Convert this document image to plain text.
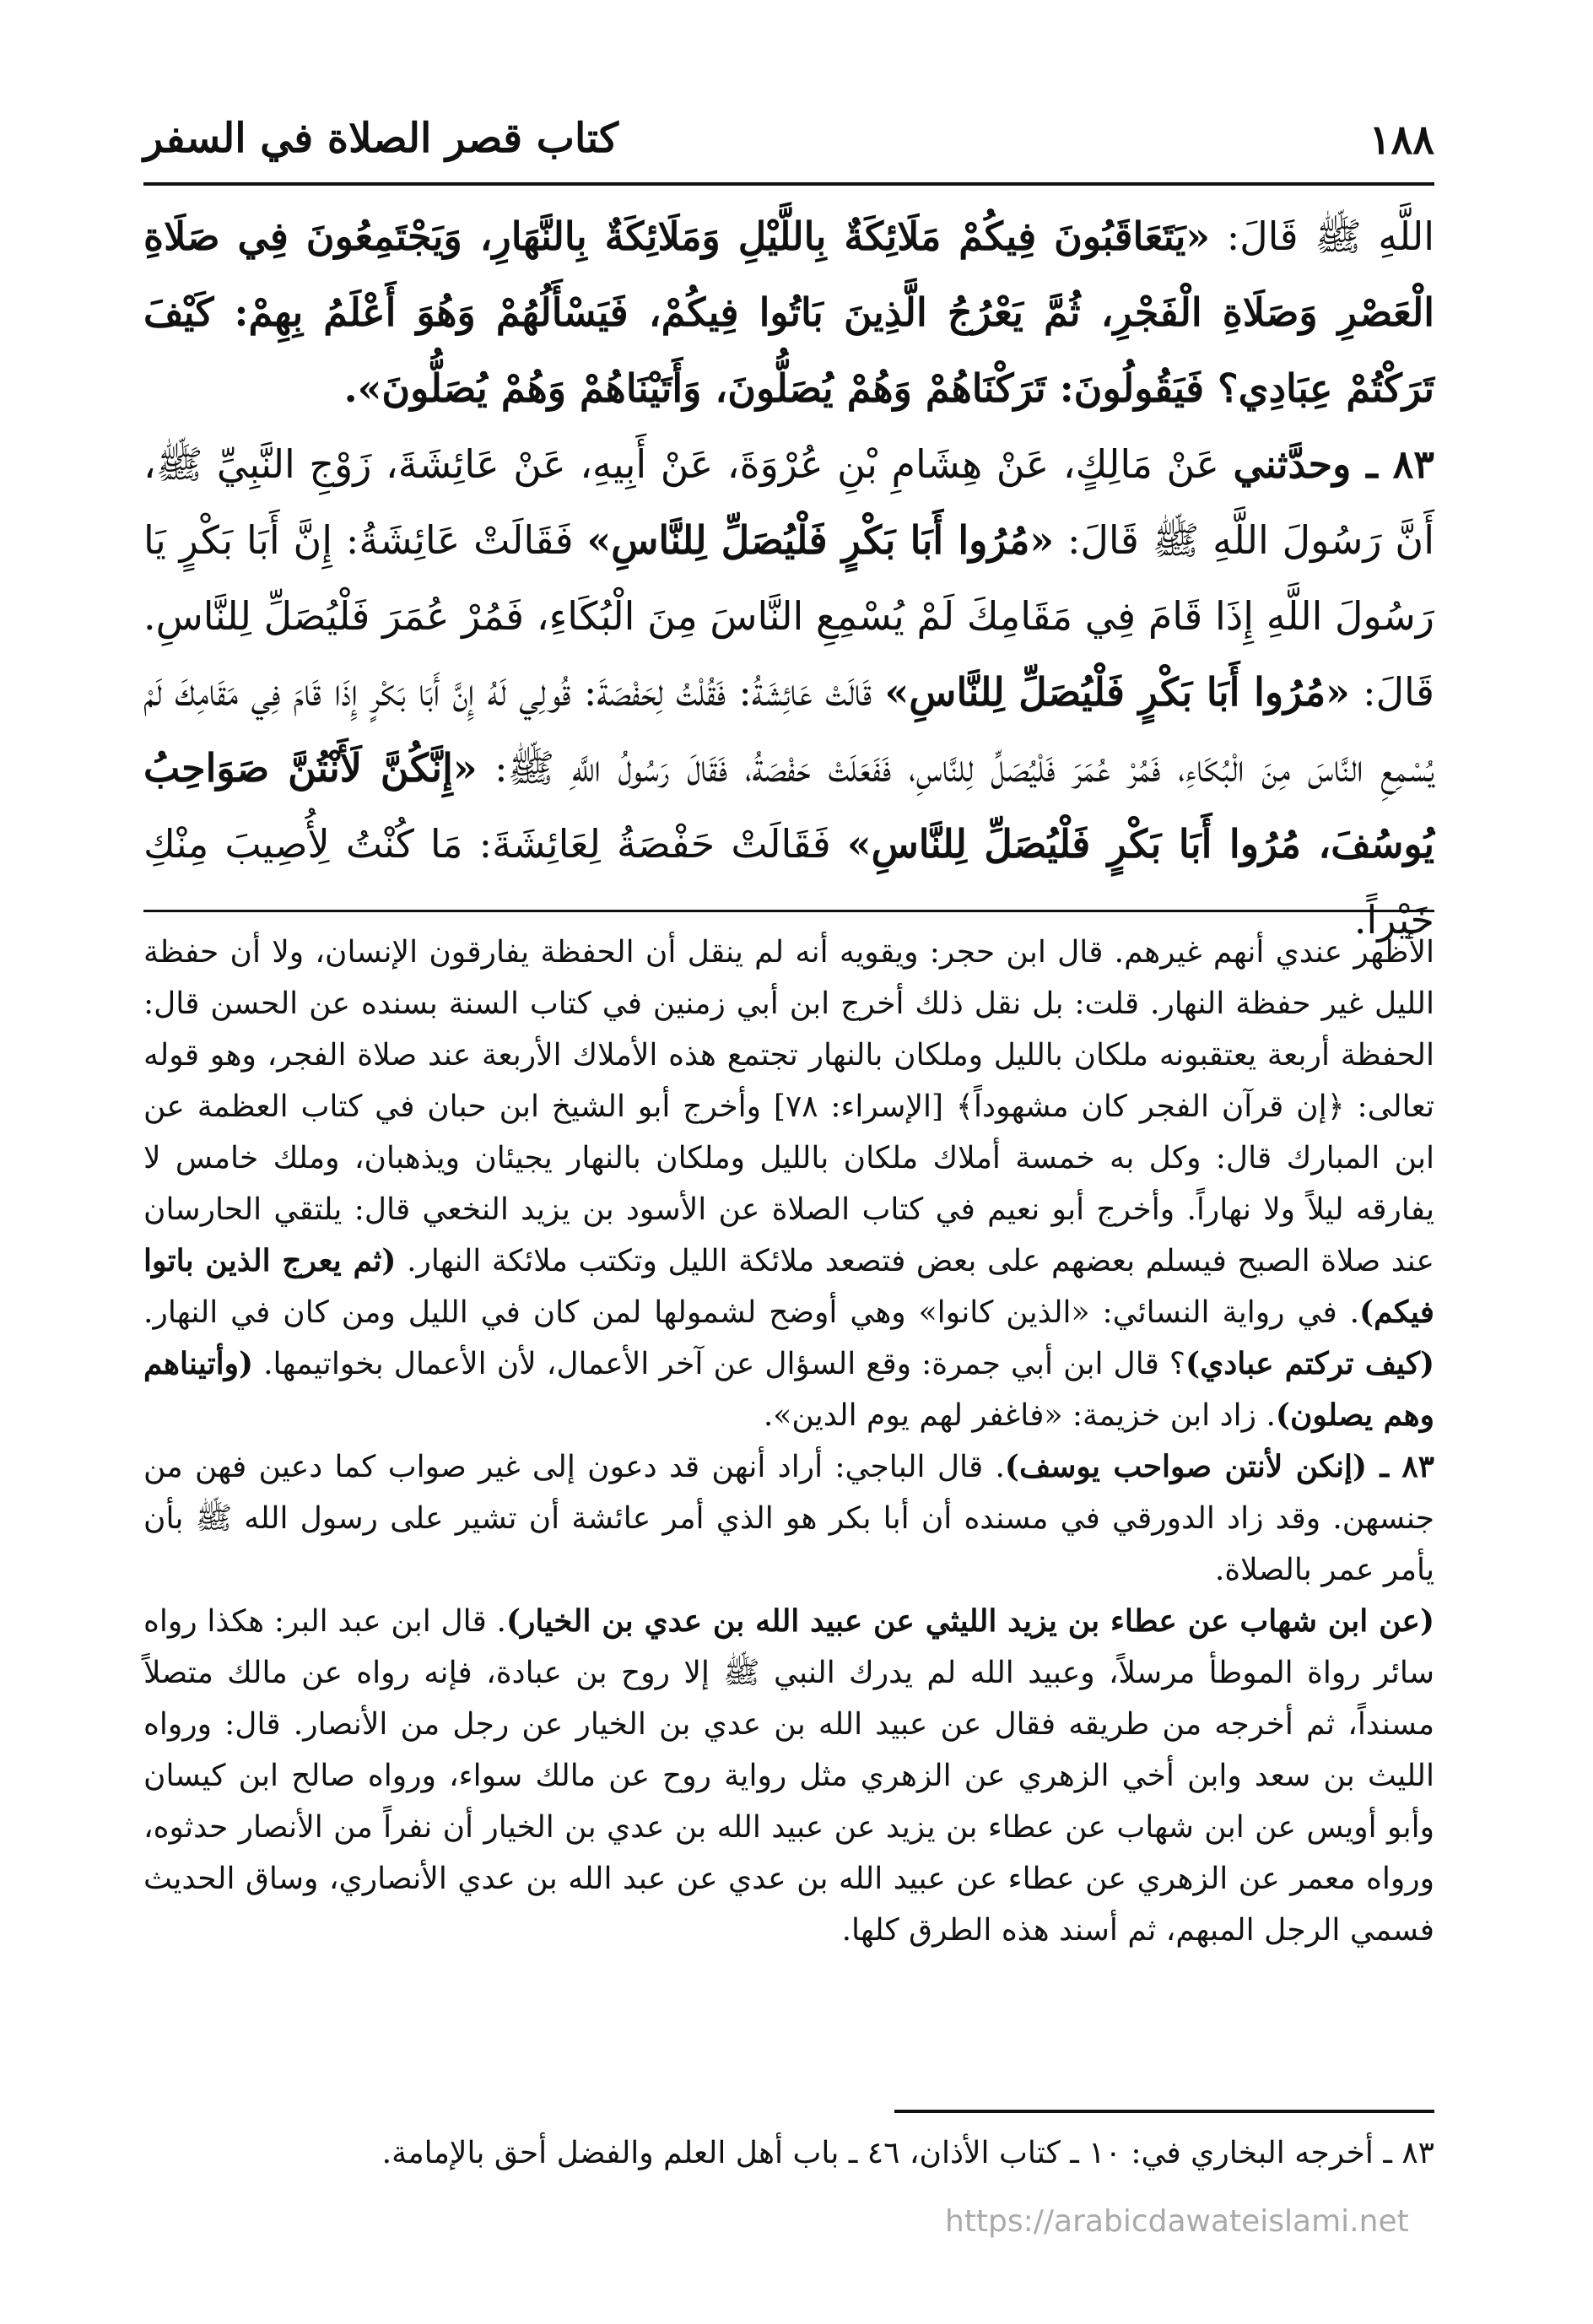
١٨٨
كتاب قصر الصلاة في السفر

اللَّهِ ﷺ قَالَ: «يَتَعَاقَبُونَ فِيكُمْ مَلَائِكَةٌ بِاللَّيْلِ وَمَلَائِكَةٌ بِالنَّهَارِ، وَيَجْتَمِعُونَ فِي صَلَاةِ الْعَصْرِ وَصَلَاةِ الْفَجْرِ، ثُمَّ يَعْرُجُ الَّذِينَ بَاتُوا فِيكُمْ، فَيَسْأَلُهُمْ وَهُوَ أَعْلَمُ بِهِمْ: كَيْفَ تَرَكْتُمْ عِبَادِي؟ فَيَقُولُونَ: تَرَكْنَاهُمْ وَهُمْ يُصَلُّونَ، وَأَتَيْنَاهُمْ وَهُمْ يُصَلُّونَ».

٨٣ ـ وحدَّثني عَنْ مَالِكٍ، عَنْ هِشَامِ بْنِ عُرْوَةَ، عَنْ أَبِيهِ، عَنْ عَائِشَةَ، زَوْجِ النَّبِيِّ ﷺ، أَنَّ رَسُولَ اللَّهِ ﷺ قَالَ: «مُرُوا أَبَا بَكْرٍ فَلْيُصَلِّ لِلنَّاسِ» فَقَالَتْ عَائِشَةُ: إِنَّ أَبَا بَكْرٍ يَا رَسُولَ اللَّهِ إِذَا قَامَ فِي مَقَامِكَ لَمْ يُسْمِعِ النَّاسَ مِنَ الْبُكَاءِ، فَمُرْ عُمَرَ فَلْيُصَلِّ لِلنَّاسِ. قَالَ: «مُرُوا أَبَا بَكْرٍ فَلْيُصَلِّ لِلنَّاسِ» قَالَتْ عَائِشَةُ: فَقُلْتُ لِحَفْصَةَ: قُولِي لَهُ إِنَّ أَبَا بَكْرٍ إِذَا قَامَ فِي مَقَامِكَ لَمْ يُسْمِعِ النَّاسَ مِنَ الْبُكَاءِ، فَمُرْ عُمَرَ فَلْيُصَلِّ لِلنَّاسِ، فَفَعَلَتْ حَفْصَةُ، فَقَالَ رَسُولُ اللَّهِ ﷺ: «إِنَّكُنَّ لَأَنْتُنَّ صَوَاحِبُ يُوسُفَ، مُرُوا أَبَا بَكْرٍ فَلْيُصَلِّ لِلنَّاسِ» فَقَالَتْ حَفْصَةُ لِعَائِشَةَ: مَا كُنْتُ لِأُصِيبَ مِنْكِ خَيْراً.

الأظهر عندي أنهم غيرهم. قال ابن حجر: ويقويه أنه لم ينقل أن الحفظة يفارقون الإنسان، ولا أن حفظة الليل غير حفظة النهار. قلت: بل نقل ذلك أخرج ابن أبي زمنين في كتاب السنة بسنده عن الحسن قال: الحفظة أربعة يعتقبونه ملكان بالليل وملكان بالنهار تجتمع هذه الأملاك الأربعة عند صلاة الفجر، وهو قوله تعالى: ﴿إن قرآن الفجر كان مشهوداً﴾ [الإسراء: ٧٨] وأخرج أبو الشيخ ابن حبان في كتاب العظمة عن ابن المبارك قال: وكل به خمسة أملاك ملكان بالليل وملكان بالنهار يجيئان ويذهبان، وملك خامس لا يفارقه ليلاً ولا نهاراً. وأخرج أبو نعيم في كتاب الصلاة عن الأسود بن يزيد النخعي قال: يلتقي الحارسان عند صلاة الصبح فيسلم بعضهم على بعض فتصعد ملائكة الليل وتكتب ملائكة النهار. (ثم يعرج الذين باتوا فيكم). في رواية النسائي: «الذين كانوا» وهي أوضح لشمولها لمن كان في الليل ومن كان في النهار. (كيف تركتم عبادي)؟ قال ابن أبي جمرة: وقع السؤال عن آخر الأعمال، لأن الأعمال بخواتيمها. (وأتيناهم وهم يصلون). زاد ابن خزيمة: «فاغفر لهم يوم الدين».

٨٣ ـ (إنكن لأنتن صواحب يوسف). قال الباجي: أراد أنهن قد دعون إلى غير صواب كما دعين فهن من جنسهن. وقد زاد الدورقي في مسنده أن أبا بكر هو الذي أمر عائشة أن تشير على رسول الله ﷺ بأن يأمر عمر بالصلاة.

(عن ابن شهاب عن عطاء بن يزيد الليثي عن عبيد الله بن عدي بن الخيار). قال ابن عبد البر: هكذا رواه سائر رواة الموطأ مرسلاً، وعبيد الله لم يدرك النبي ﷺ إلا روح بن عبادة، فإنه رواه عن مالك متصلاً مسنداً، ثم أخرجه من طريقه فقال عن عبيد الله بن عدي بن الخيار عن رجل من الأنصار. قال: ورواه الليث بن سعد وابن أخي الزهري عن الزهري مثل رواية روح عن مالك سواء، ورواه صالح ابن كيسان وأبو أويس عن ابن شهاب عن عطاء بن يزيد عن عبيد الله بن عدي بن الخيار أن نفراً من الأنصار حدثوه، ورواه معمر عن الزهري عن عطاء عن عبيد الله بن عدي عن عبد الله بن عدي الأنصاري، وساق الحديث فسمي الرجل المبهم، ثم أسند هذه الطرق كلها.

٨٣ ـ أخرجه البخاري في: ١٠ ـ كتاب الأذان، ٤٦ ـ باب أهل العلم والفضل أحق بالإمامة.
https://arabicdawateislami.net
